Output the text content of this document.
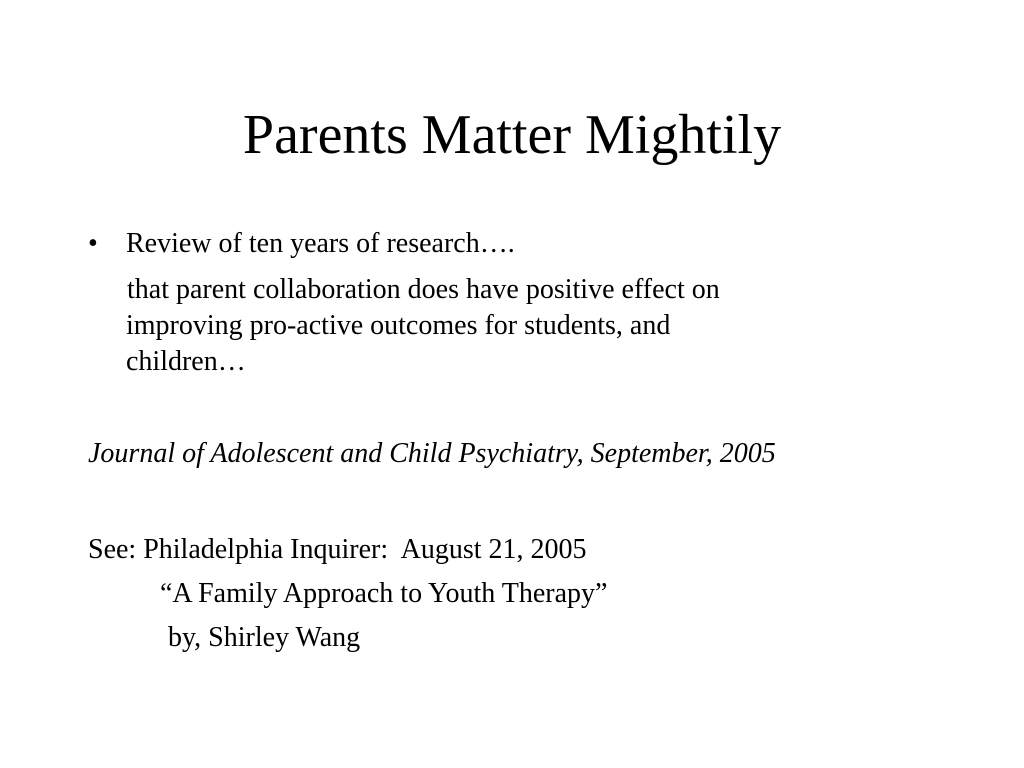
Parents Matter Mightily
•	Review of ten years of research….
that parent collaboration does have positive effect on
improving pro-active outcomes for students, and
children…
Journal of Adolescent and Child Psychiatry, September, 2005
See: Philadelphia Inquirer:  August 21, 2005
“A Family Approach to Youth Therapy”
by, Shirley Wang
